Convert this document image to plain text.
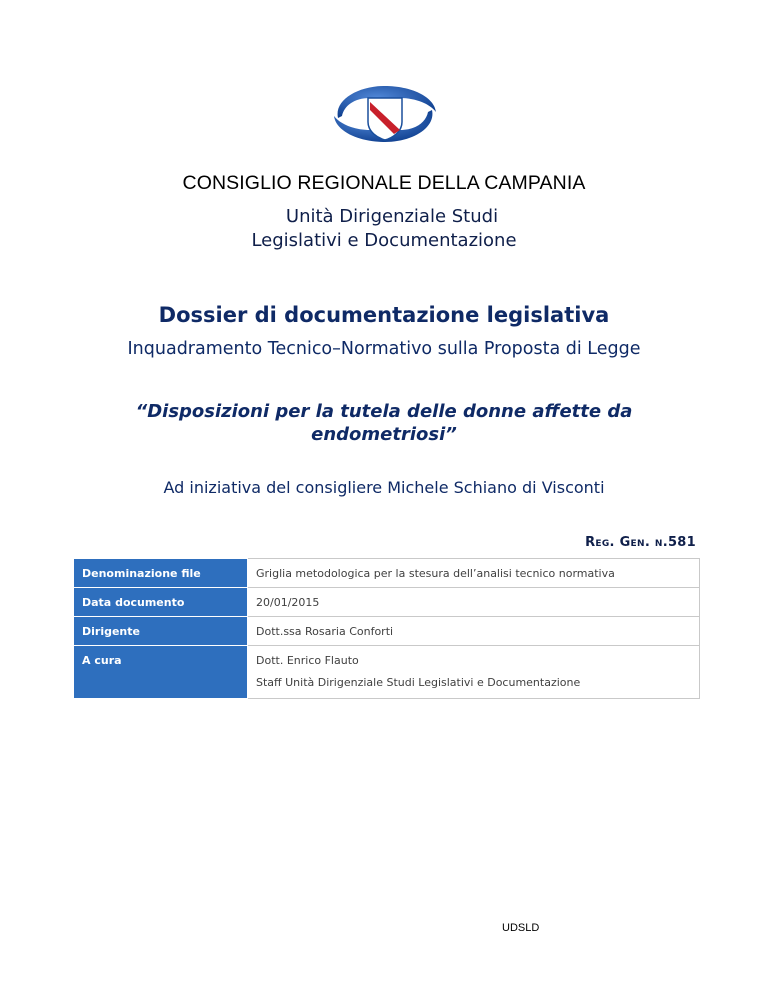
CONSIGLIO REGIONALE DELLA CAMPANIA
Unità Dirigenziale Studi
Legislativi e Documentazione
Dossier di documentazione legislativa
Inquadramento Tecnico–Normativo sulla Proposta di Legge
“Disposizioni per la tutela delle donne affette da endometriosi”
Ad iniziativa del consigliere Michele Schiano di Visconti
Reg. Gen. n.581
Denominazione file	Griglia metodologica per la stesura dell’analisi tecnico normativa
Data documento	20/01/2015
Dirigente	Dott.ssa Rosaria Conforti
A cura	Dott. Enrico Flauto
Staff Unità Dirigenziale Studi Legislativi e Documentazione
UDSLD
